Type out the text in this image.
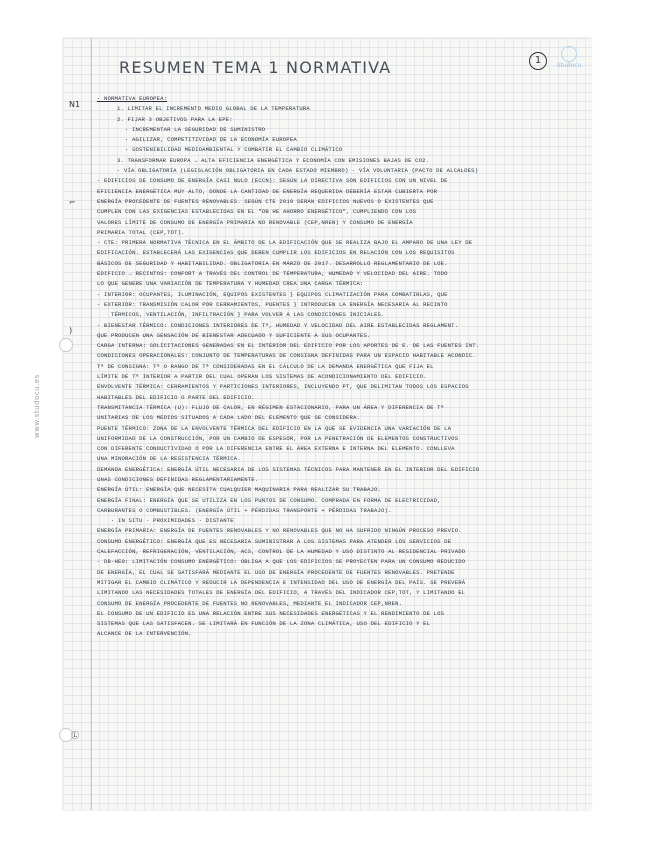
www.studocu.es
RESUMEN TEMA 1 NORMATIVA	1	Studocu
N1
⌐
)
Ⓛ
· NORMATIVA EUROPEA:
1. LIMITAR EL INCREMENTO MEDIO GLOBAL DE LA TEMPERATURA
2. FIJAR 3 OBJETIVOS PARA LA EPE:
· INCREMENTAR LA SEGURIDAD DE SUMINISTRO
· AGILIZAR, COMPETITIVIDAD DE LA ECONOMÍA EUROPEA
· SOSTENIBILIDAD MEDIOAMBIENTAL Y COMBATIR EL CAMBIO CLIMÁTICO
3. TRANSFORMAR EUROPA → ALTA EFICIENCIA ENERGÉTICA Y ECONOMÍA CON EMISIONES BAJAS DE CO2.
· VÍA OBLIGATORIA (LEGISLACIÓN OBLIGATORIA EN CADA ESTADO MIEMBRO) · VÍA VOLUNTARIA (PACTO DE ALCALDES)
· EDIFICIOS DE CONSUMO DE ENERGÍA CASI NULO (ECCN): SEGÚN LA DIRECTIVA SON EDIFICIOS CON UN NIVEL DE
EFICIENCIA ENERGÉTICA MUY ALTO, DONDE LA CANTIDAD DE ENERGÍA REQUERIDA DEBERÍA ESTAR CUBIERTA POR
ENERGÍA PROCEDENTE DE FUENTES RENOVABLES. SEGÚN CTE 2019 SERÁN EDIFICIOS NUEVOS O EXISTENTES QUE
CUMPLEN CON LAS EXIGENCIAS ESTABLECIDAS EN EL "DB HE AHORRO ENERGÉTICO", CUMPLIENDO CON LOS
VALORES LÍMITE DE CONSUMO DE ENERGÍA PRIMARIA NO RENOVABLE (CEP,NREN) Y CONSUMO DE ENERGÍA
PRIMARIA TOTAL (CEP,TOT).
· CTE: PRIMERA NORMATIVA TÉCNICA EN EL ÁMBITO DE LA EDIFICACIÓN QUE SE REALIZA BAJO EL AMPARO DE UNA LEY DE
EDIFICACIÓN. ESTABLECERÁ LAS EXIGENCIAS QUE DEBEN CUMPLIR LOS EDIFICIOS EN RELACIÓN CON LOS REQUISITOS
BÁSICOS DE SEGURIDAD Y HABITABILIDAD. OBLIGATORIA EN MARZO DE 2017. DESARROLLO REGLAMENTARIO DE LOE.
EDIFICIO → RECINTOS: CONFORT A TRAVÉS DEL CONTROL DE TEMPERATURA, HUMEDAD Y VELOCIDAD DEL AIRE. TODO
LO QUE GENERE UNA VARIACIÓN DE TEMPERATURA Y HUMEDAD CREA UNA CARGA TÉRMICA:
· INTERIOR: OCUPANTES, ILUMINACIÓN, EQUIPOS EXISTENTES } EQUIPOS CLIMATIZACIÓN PARA COMBATIRLAS, QUE
· EXTERIOR: TRANSMISIÓN CALOR POR CERRAMIENTOS, PUENTES } INTRODUCEN LA ENERGÍA NECESARIA AL RECINTO
TÉRMICOS, VENTILACIÓN, INFILTRACIÓN } PARA VOLVER A LAS CONDICIONES INICIALES.
· BIENESTAR TÉRMICO: CONDICIONES INTERIORES DE Tª, HUMEDAD Y VELOCIDAD DEL AIRE ESTABLECIDAS REGLAMENT.
QUE PRODUCEN UNA SENSACIÓN DE BIENESTAR ADECUADO Y SUFICIENTE A SUS OCUPANTES.
CARGA INTERNA: SOLICITACIONES GENERADAS EN EL INTERIOR DEL EDIFICIO POR LOS APORTES DE E. DE LAS FUENTES INT.
CONDICIONES OPERACIONALES: CONJUNTO DE TEMPERATURAS DE CONSIGNA DEFINIDAS PARA UN ESPACIO HABITABLE ACONDIC.
Tª DE CONSIGNA: Tª O RANGO DE Tª CONSIDERADAS EN EL CÁLCULO DE LA DEMANDA ENERGÉTICA QUE FIJA EL
LÍMITE DE Tª INTERIOR A PARTIR DEL CUAL OPERAN LOS SISTEMAS DE ACONDICIONAMIENTO DEL EDIFICIO.
ENVOLVENTE TÉRMICA: CERRAMIENTOS Y PARTICIONES INTERIORES, INCLUYENDO PT, QUE DELIMITAN TODOS LOS ESPACIOS
HABITABLES DEL EDIFICIO O PARTE DEL EDIFICIO.
TRANSMITANCIA TÉRMICA (U): FLUJO DE CALOR, EN RÉGIMEN ESTACIONARIO, PARA UN ÁREA Y DIFERENCIA DE Tª
UNITARIAS DE LOS MEDIOS SITUADOS A CADA LADO DEL ELEMENTO QUE SE CONSIDERA.
PUENTE TÉRMICO: ZONA DE LA ENVOLVENTE TÉRMICA DEL EDIFICIO EN LA QUE SE EVIDENCIA UNA VARIACIÓN DE LA
UNIFORMIDAD DE LA CONSTRUCCIÓN, POR UN CAMBIO DE ESPESOR, POR LA PENETRACIÓN DE ELEMENTOS CONSTRUCTIVOS
CON DIFERENTE CONDUCTIVIDAD O POR LA DIFERENCIA ENTRE EL ÁREA EXTERNA E INTERNA DEL ELEMENTO. CONLLEVA
UNA MINORACIÓN DE LA RESISTENCIA TÉRMICA.
DEMANDA ENERGÉTICA: ENERGÍA ÚTIL NECESARIA DE LOS SISTEMAS TÉCNICOS PARA MANTENER EN EL INTERIOR DEL EDIFICIO
UNAS CONDICIONES DEFINIDAS REGLAMENTARIAMENTE.
ENERGÍA ÚTIL: ENERGÍA QUE NECESITA CUALQUIER MAQUINARIA PARA REALIZAR SU TRABAJO.
ENERGÍA FINAL: ENERGÍA QUE SE UTILIZA EN LOS PUNTOS DE CONSUMO. COMPRADA EN FORMA DE ELECTRICIDAD,
CARBURANTES O COMBUSTIBLES. (ENERGÍA ÚTIL + PÉRDIDAS TRANSPORTE + PÉRDIDAS TRABAJO).
· IN SITU · PROXIMIDADES · DISTANTE
ENERGÍA PRIMARIA: ENERGÍA DE FUENTES RENOVABLES Y NO RENOVABLES QUE NO HA SUFRIDO NINGÚN PROCESO PREVIO.
CONSUMO ENERGÉTICO: ENERGÍA QUE ES NECESARIA SUMINISTRAR A LOS SISTEMAS PARA ATENDER LOS SERVICIOS DE
CALEFACCIÓN, REFRIGERACIÓN, VENTILACIÓN, ACS, CONTROL DE LA HUMEDAD Y USO DISTINTO AL RESIDENCIAL PRIVADO
· DB-HE0: LIMITACIÓN CONSUMO ENERGÉTICO: OBLIGA A QUE LOS EDIFICIOS SE PROYECTEN PARA UN CONSUMO REDUCIDO
DE ENERGÍA, EL CUAL SE SATISFARÁ MEDIANTE EL USO DE ENERGÍA PROCEDENTE DE FUENTES RENOVABLES. PRETENDE
MITIGAR EL CAMBIO CLIMÁTICO Y REDUCIR LA DEPENDENCIA E INTENSIDAD DEL USO DE ENERGÍA DEL PAÍS. SE PREVERÁ
LIMITANDO LAS NECESIDADES TOTALES DE ENERGÍA DEL EDIFICIO, A TRAVÉS DEL INDICADOR CEP,TOT, Y LIMITANDO EL
CONSUMO DE ENERGÍA PROCEDENTE DE FUENTES NO RENOVABLES, MEDIANTE EL INDICADOR CEP,NREN.
EL CONSUMO DE UN EDIFICIO ES UNA RELACIÓN ENTRE SUS NECESIDADES ENERGÉTICAS Y EL RENDIMIENTO DE LOS
SISTEMAS QUE LAS SATISFACEN. SE LIMITARÁ EN FUNCIÓN DE LA ZONA CLIMÁTICA, USO DEL EDIFICIO Y EL
ALCANCE DE LA INTERVENCIÓN.
